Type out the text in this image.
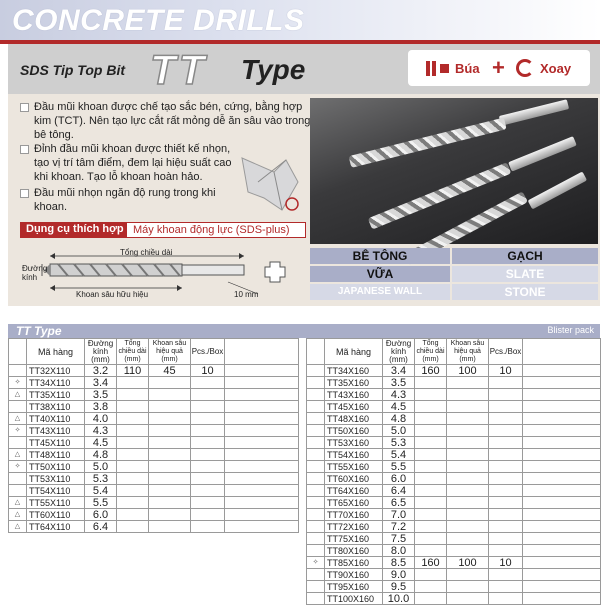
CONCRETE DRILLS
SDS Tip Top Bit TT Type	Búa +	Xoay
Đầu mũi khoan được chế tạo sắc bén, cứng, bằng hợp kim (TCT). Nên tạo lực cắt rất mỏng dễ ăn sâu vào trong bê tông.
Đỉnh đầu mũi khoan được thiết kế nhọn, tạo vị trí tâm điểm, đem lại hiệu suất cao khi khoan. Tạo lỗ khoan hoàn hảo.
Đầu mũi nhọn ngăn độ rung trong khi khoan.
Dụng cụ thích hợp Máy khoan động lực (SDS-plus)
Tổng chiều dài
Đường kính
Khoan sâu hữu hiệu	10 mm
BÊ TÔNG	GẠCH
VỮA	SLATE
JAPANESE WALL	STONE
TT Type	Blister pack
	Mã hàng	Đường kính (mm)	Tổng chiều dài (mm)	Khoan sâu hiệu quả (mm)	Pcs./Box	
	TT32X110	3.2	110	45	10	
✧	TT34X110	3.4				
△	TT35X110	3.5				
	TT38X110	3.8				
△	TT40X110	4.0				
✧	TT43X110	4.3				
	TT45X110	4.5				
△	TT48X110	4.8				
✧	TT50X110	5.0				
	TT53X110	5.3				
	TT54X110	5.4				
△	TT55X110	5.5				
△	TT60X110	6.0				
△	TT64X110	6.4				
	Mã hàng	Đường kính (mm)	Tổng chiều dài (mm)	Khoan sâu hiệu quả (mm)	Pcs./Box	
	TT34X160	3.4	160	100	10	
	TT35X160	3.5				
	TT43X160	4.3				
	TT45X160	4.5				
	TT48X160	4.8				
	TT50X160	5.0				
	TT53X160	5.3				
	TT54X160	5.4				
	TT55X160	5.5				
	TT60X160	6.0				
	TT64X160	6.4				
	TT65X160	6.5				
	TT70X160	7.0				
	TT72X160	7.2				
	TT75X160	7.5				
	TT80X160	8.0				
✧	TT85X160	8.5	160	100	10	
	TT90X160	9.0				
	TT95X160	9.5				
	TT100X160	10.0				
